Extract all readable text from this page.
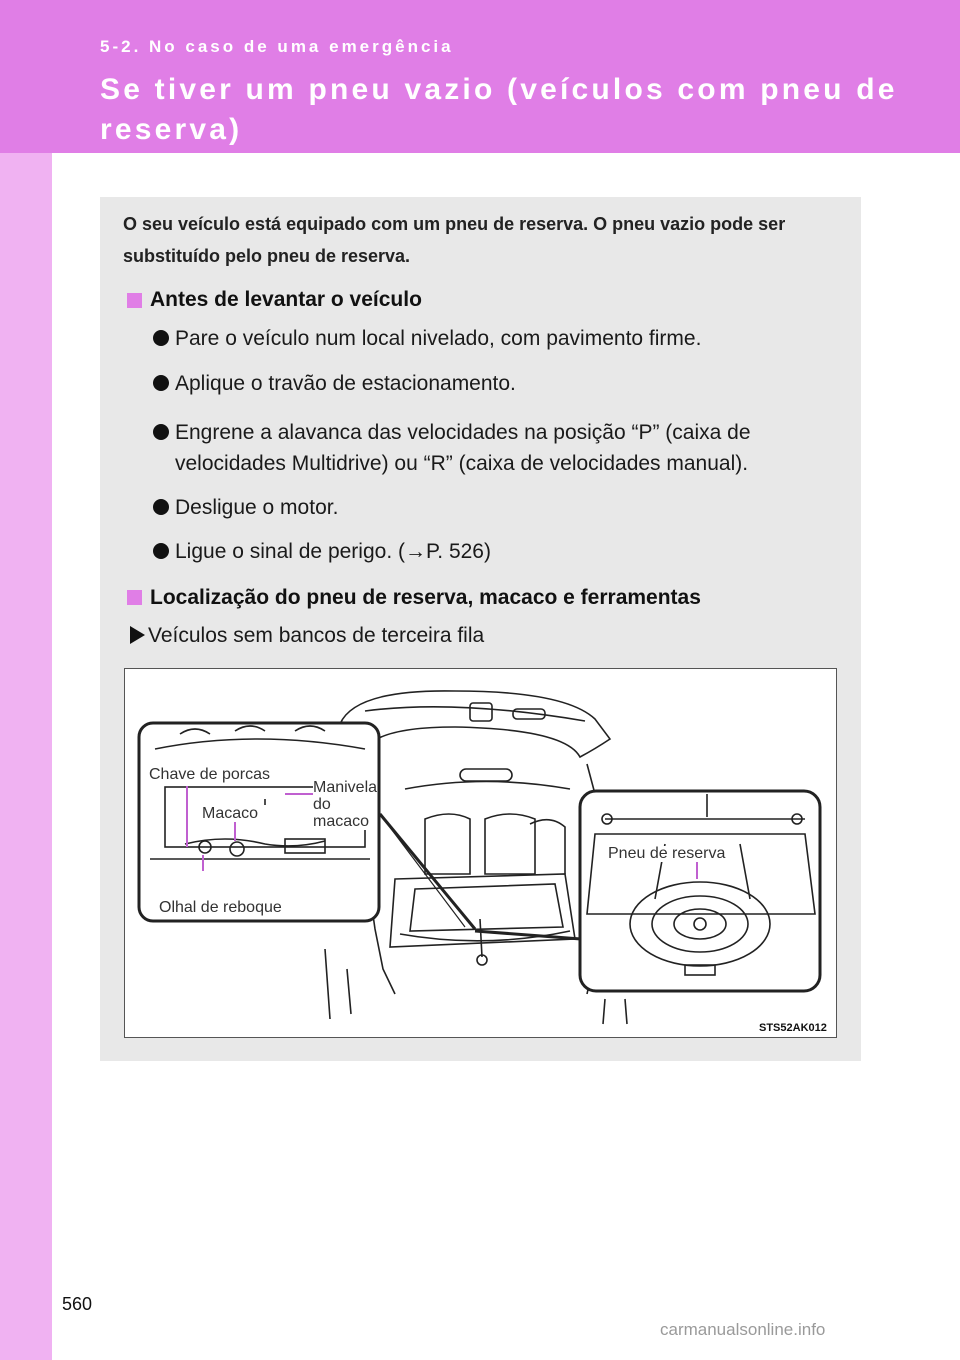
5-2. No caso de uma emergência
Se tiver um pneu vazio (veículos com pneu de reserva)
O seu veículo está equipado com um pneu de reserva. O pneu vazio pode ser substituído pelo pneu de reserva.
Antes de levantar o veículo
Pare o veículo num local nivelado, com pavimento firme.
Aplique o travão de estacionamento.
Engrene a alavanca das velocidades na posição “P” (caixa de velocidades Multidrive) ou “R” (caixa de velocidades manual).
Desligue o motor.
Ligue o sinal de perigo. (→P. 526)
Localização do pneu de reserva, macaco e ferramentas
Veículos sem bancos de terceira fila
Chave de porcas
Macaco
Manivela
do
macaco
Olhal de reboque
Pneu de reserva
STS52AK012
560
carmanualsonline.info
